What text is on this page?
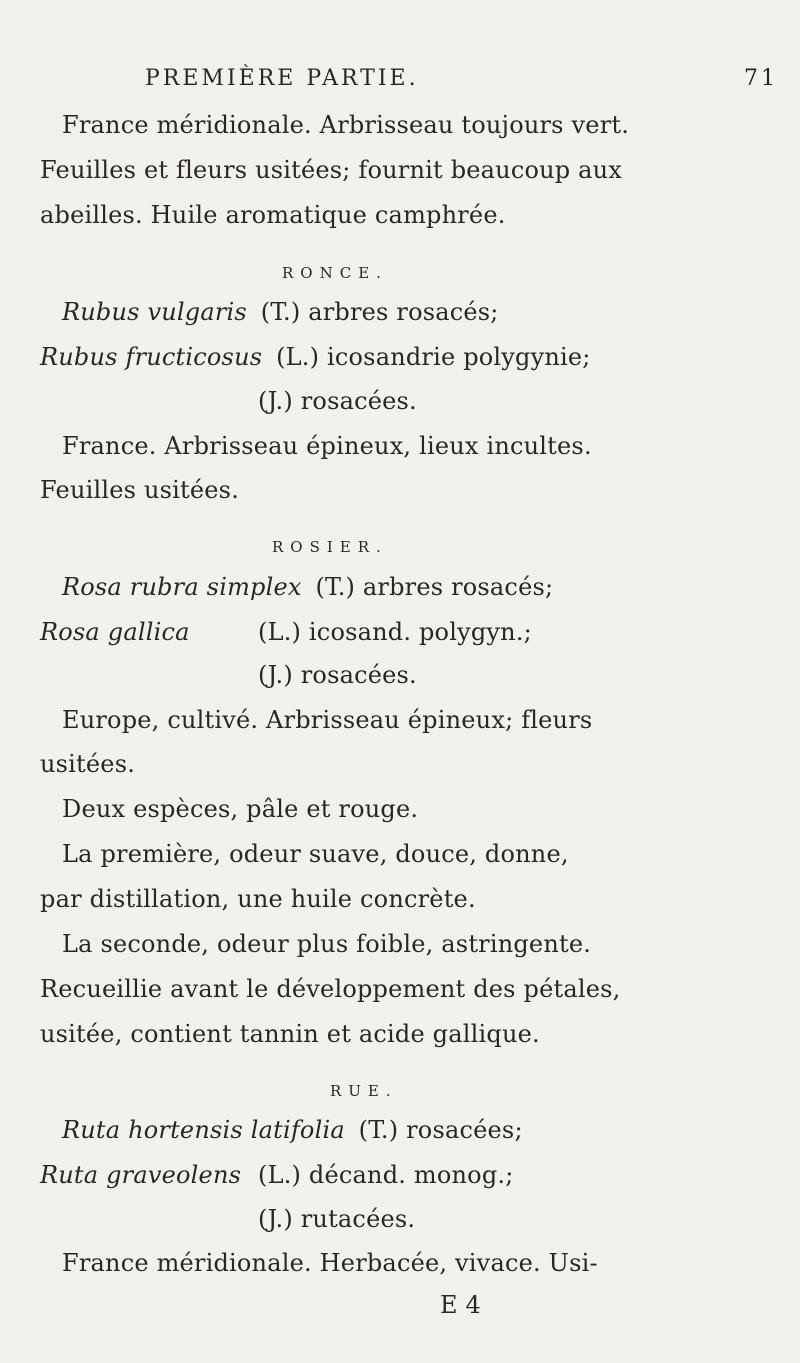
PREMIÈRE PARTIE.	71
France méridionale. Arbrisseau toujours vert.
Feuilles et fleurs usitées; fournit beaucoup aux
abeilles. Huile aromatique camphrée.
RONCE.
Rubus vulgaris (T.) arbres rosacés;
Rubus fructicosus (L.) icosandrie polygynie;
(J.) rosacées.
France. Arbrisseau épineux, lieux incultes.
Feuilles usitées.
ROSIER.
Rosa rubra simplex (T.) arbres rosacés;
Rosa gallica	(L.) icosand. polygyn.;
(J.) rosacées.
Europe, cultivé. Arbrisseau épineux; fleurs
usitées.
Deux espèces, pâle et rouge.
La première, odeur suave, douce, donne,
par distillation, une huile concrète.
La seconde, odeur plus foible, astringente.
Recueillie avant le développement des pétales,
usitée, contient tannin et acide gallique.
RUE.
Ruta hortensis latifolia (T.) rosacées;
Ruta graveolens (L.) décand. monog.;
(J.) rutacées.
France méridionale. Herbacée, vivace. Usi-
E 4
